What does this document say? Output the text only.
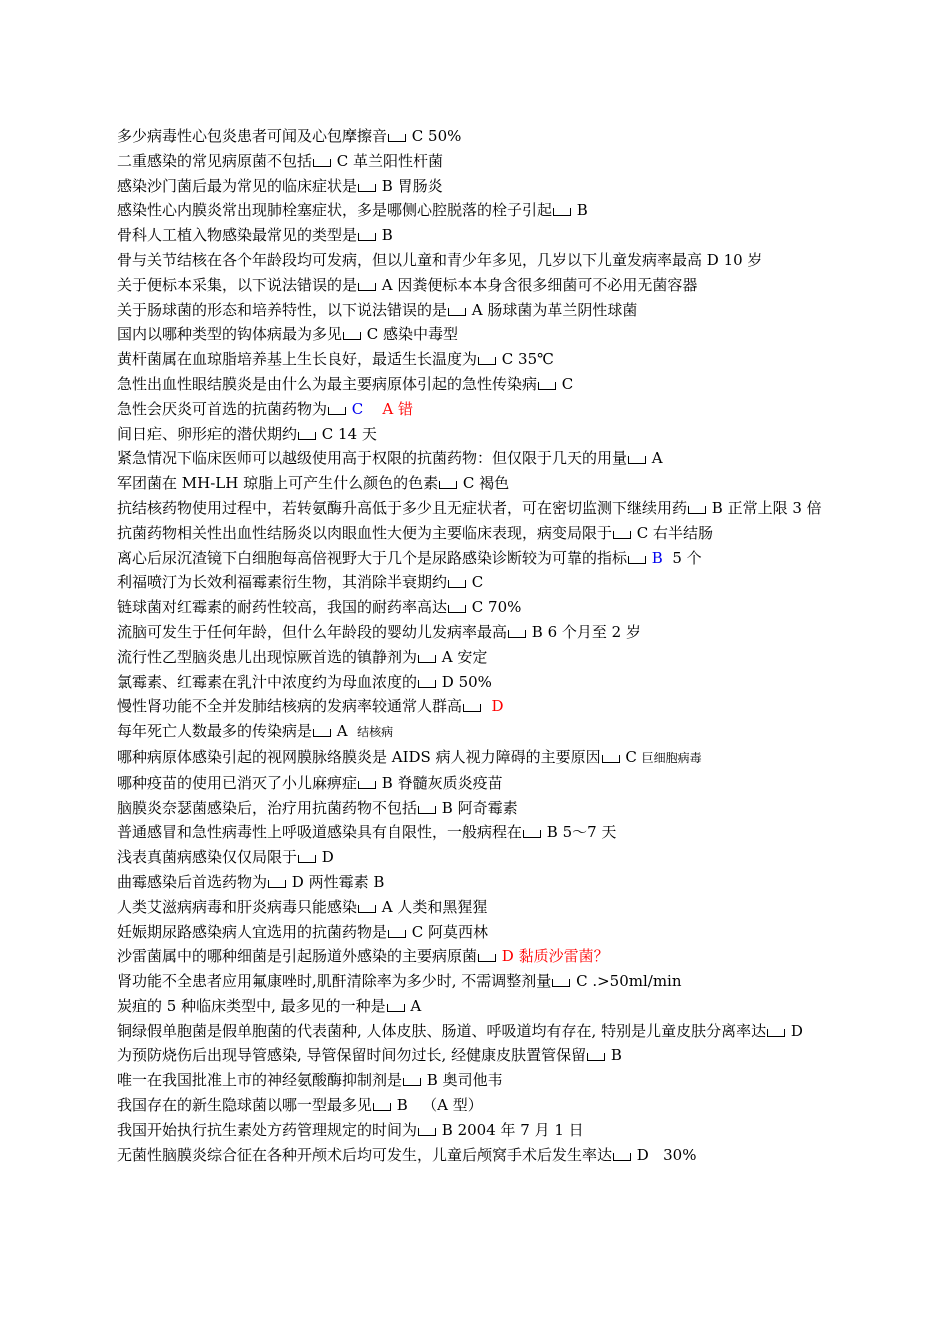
多少病毒性心包炎患者可闻及心包摩擦音 C 50%
二重感染的常见病原菌不包括 C 革兰阳性杆菌
感染沙门菌后最为常见的临床症状是 B 胃肠炎
感染性心内膜炎常出现肺栓塞症状，多是哪侧心腔脱落的栓子引起 B
骨科人工植入物感染最常见的类型是 B
骨与关节结核在各个年龄段均可发病，但以儿童和青少年多见，几岁以下儿童发病率最高 D 10 岁
关于便标本采集，以下说法错误的是 A 因粪便标本本身含很多细菌可不必用无菌容器
关于肠球菌的形态和培养特性，以下说法错误的是 A 肠球菌为革兰阴性球菌
国内以哪种类型的钩体病最为多见 C 感染中毒型
黄杆菌属在血琼脂培养基上生长良好，最适生长温度为 C 35℃
急性出血性眼结膜炎是由什么为最主要病原体引起的急性传染病 C
急性会厌炎可首选的抗菌药物为 C    A 错
间日疟、卵形疟的潜伏期约 C 14 天
紧急情况下临床医师可以越级使用高于权限的抗菌药物：但仅限于几天的用量 A
军团菌在 MH-LH 琼脂上可产生什么颜色的色素 C 褐色
抗结核药物使用过程中，若转氨酶升高低于多少且无症状者，可在密切监测下继续用药 B 正常上限 3 倍
抗菌药物相关性出血性结肠炎以肉眼血性大便为主要临床表现，病变局限于 C 右半结肠
离心后尿沉渣镜下白细胞每高倍视野大于几个是尿路感染诊断较为可靠的指标 B  5 个
利福喷汀为长效利福霉素衍生物，其消除半衰期约 C
链球菌对红霉素的耐药性较高，我国的耐药率高达 C 70%
流脑可发生于任何年龄，但什么年龄段的婴幼儿发病率最高 B 6 个月至 2 岁
流行性乙型脑炎患儿出现惊厥首选的镇静剂为 A 安定
氯霉素、红霉素在乳汁中浓度约为母血浓度的 D 50%
慢性肾功能不全并发肺结核病的发病率较通常人群高  D
每年死亡人数最多的传染病是 A  结核病
哪种病原体感染引起的视网膜脉络膜炎是 AIDS 病人视力障碍的主要原因 C 巨细胞病毒
哪种疫苗的使用已消灭了小儿麻痹症 B 脊髓灰质炎疫苗
脑膜炎奈瑟菌感染后，治疗用抗菌药物不包括 B 阿奇霉素
普通感冒和急性病毒性上呼吸道感染具有自限性，一般病程在 B 5～7 天
浅表真菌病感染仅仅局限于 D
曲霉感染后首选药物为 D 两性霉素 B
人类艾滋病病毒和肝炎病毒只能感染 A 人类和黑猩猩
妊娠期尿路感染病人宜选用的抗菌药物是 C 阿莫西林
沙雷菌属中的哪种细菌是引起肠道外感染的主要病原菌 D 黏质沙雷菌？
肾功能不全患者应用氟康唑时,肌酐清除率为多少时, 不需调整剂量 C .>50ml/min
炭疽的 5 种临床类型中, 最多见的一种是 A
铜绿假单胞菌是假单胞菌的代表菌种, 人体皮肤、肠道、呼吸道均有存在, 特别是儿童皮肤分离率达 D
为预防烧伤后出现导管感染, 导管保留时间勿过长, 经健康皮肤置管保留 B
唯一在我国批准上市的神经氨酸酶抑制剂是 B 奥司他韦
我国存在的新生隐球菌以哪一型最多见 B   （A 型）
我国开始执行抗生素处方药管理规定的时间为 B 2004 年 7 月 1 日
无菌性脑膜炎综合征在各种开颅术后均可发生，儿童后颅窝手术后发生率达 D   30%
